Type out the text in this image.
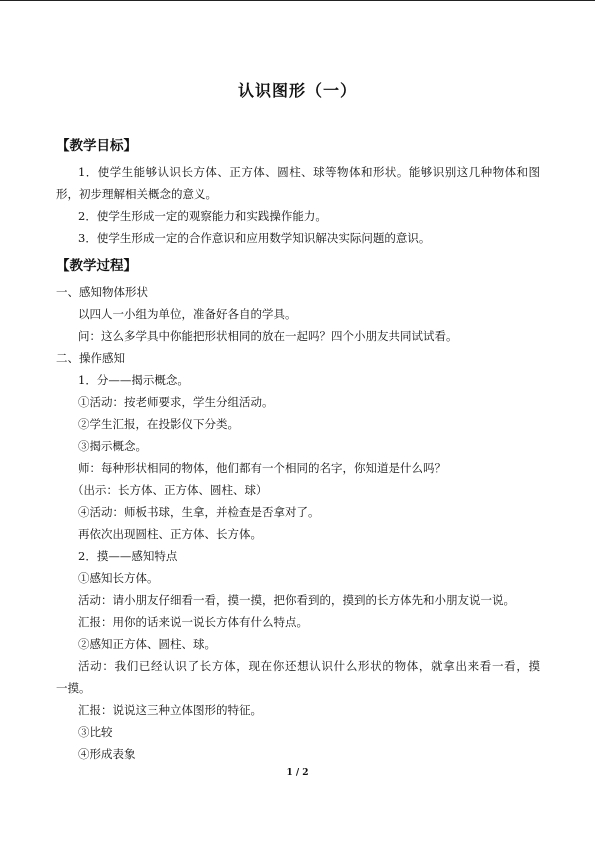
认识图形（一）
【教学目标】
1．使学生能够认识长方体、正方体、圆柱、球等物体和形状。能够识别这几种物体和图
形，初步理解相关概念的意义。
2．使学生形成一定的观察能力和实践操作能力。
3．使学生形成一定的合作意识和应用数学知识解决实际问题的意识。
【教学过程】
一、感知物体形状
以四人一小组为单位，准备好各自的学具。
问：这么多学具中你能把形状相同的放在一起吗？四个小朋友共同试试看。
二、操作感知
1．分——揭示概念。
①活动：按老师要求，学生分组活动。
②学生汇报，在投影仪下分类。
③揭示概念。
师：每种形状相同的物体，他们都有一个相同的名字，你知道是什么吗？
（出示：长方体、正方体、圆柱、球）
④活动：师板书球，生拿，并检查是否拿对了。
再依次出现圆柱、正方体、长方体。
2．摸——感知特点
①感知长方体。
活动：请小朋友仔细看一看，摸一摸，把你看到的，摸到的长方体先和小朋友说一说。
汇报：用你的话来说一说长方体有什么特点。
②感知正方体、圆柱、球。
活动：我们已经认识了长方体，现在你还想认识什么形状的物体，就拿出来看一看，摸
一摸。
汇报：说说这三种立体图形的特征。
③比较
④形成表象
1 / 2
